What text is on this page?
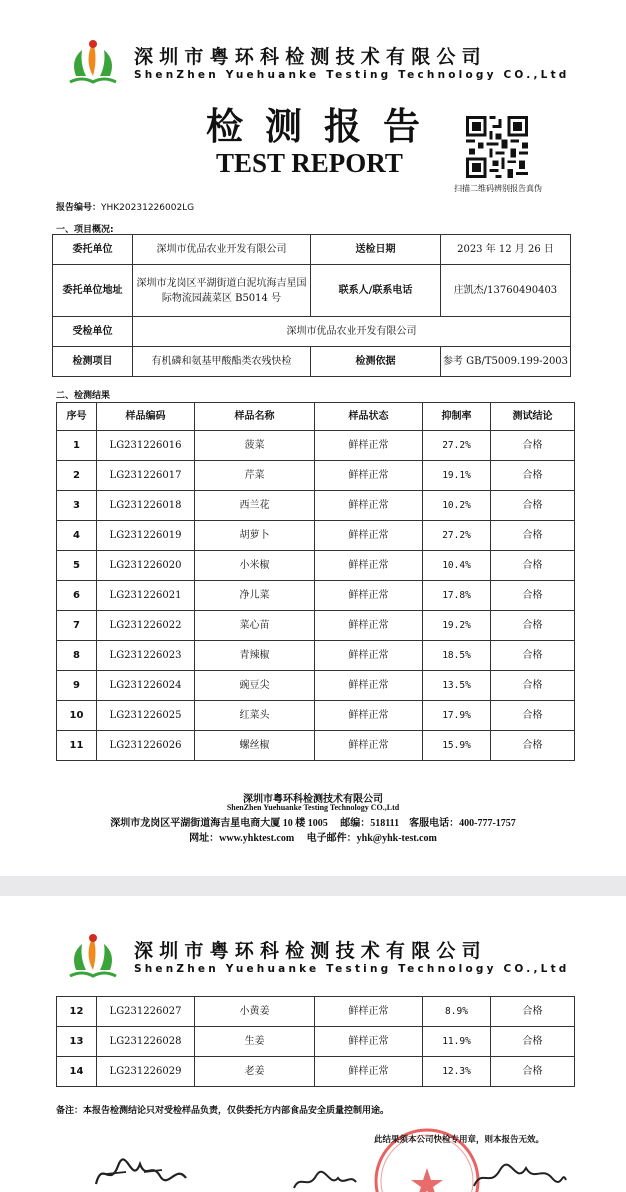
深圳市粤环科检测技术有限公司
ShenZhen Yuehuanke Testing Technology CO.,Ltd
检测报告
TEST REPORT
扫描二维码辨别报告真伪
报告编号：YHK20231226002LG
一、项目概况:
委托单位	深圳市优品农业开发有限公司	送检日期	2023 年 12 月 26 日
委托单位地址	深圳市龙岗区平湖街道白泥坑海吉星国际物流园蔬菜区 B5014 号	联系人/联系电话	庄凯杰/13760490403
受检单位	深圳市优品农业开发有限公司		
检测项目	有机磷和氨基甲酸酯类农残快检	检测依据	参考 GB/T5009.199-2003
二、检测结果
序号	样品编码	样品名称	样品状态	抑制率	测试结论
1	LG231226016	菠菜	鲜样正常	27.2%	合格
2	LG231226017	芹菜	鲜样正常	19.1%	合格
3	LG231226018	西兰花	鲜样正常	10.2%	合格
4	LG231226019	胡萝卜	鲜样正常	27.2%	合格
5	LG231226020	小米椒	鲜样正常	10.4%	合格
6	LG231226021	净儿菜	鲜样正常	17.8%	合格
7	LG231226022	菜心苗	鲜样正常	19.2%	合格
8	LG231226023	青辣椒	鲜样正常	18.5%	合格
9	LG231226024	豌豆尖	鲜样正常	13.5%	合格
10	LG231226025	红菜头	鲜样正常	17.9%	合格
11	LG231226026	螺丝椒	鲜样正常	15.9%	合格
深圳市粤环科检测技术有限公司
ShenZhen Yuehuanke Testing Technology CO.,Ltd
深圳市龙岗区平湖街道海吉星电商大厦 10 楼 1005　 邮编：518111　客服电话：400-777-1757
网址：www.yhktest.com　 电子邮件：yhk@yhk-test.com
深圳市粤环科检测技术有限公司
ShenZhen Yuehuanke Testing Technology CO.,Ltd
12	LG231226027	小黄姜	鲜样正常	8.9%	合格
13	LG231226028	生姜	鲜样正常	11.9%	合格
14	LG231226029	老姜	鲜样正常	12.3%	合格
备注：本报告检测结论只对受检样品负责，仅供委托方内部食品安全质量控制用途。
此结果须本公司快检专用章，则本报告无效。
